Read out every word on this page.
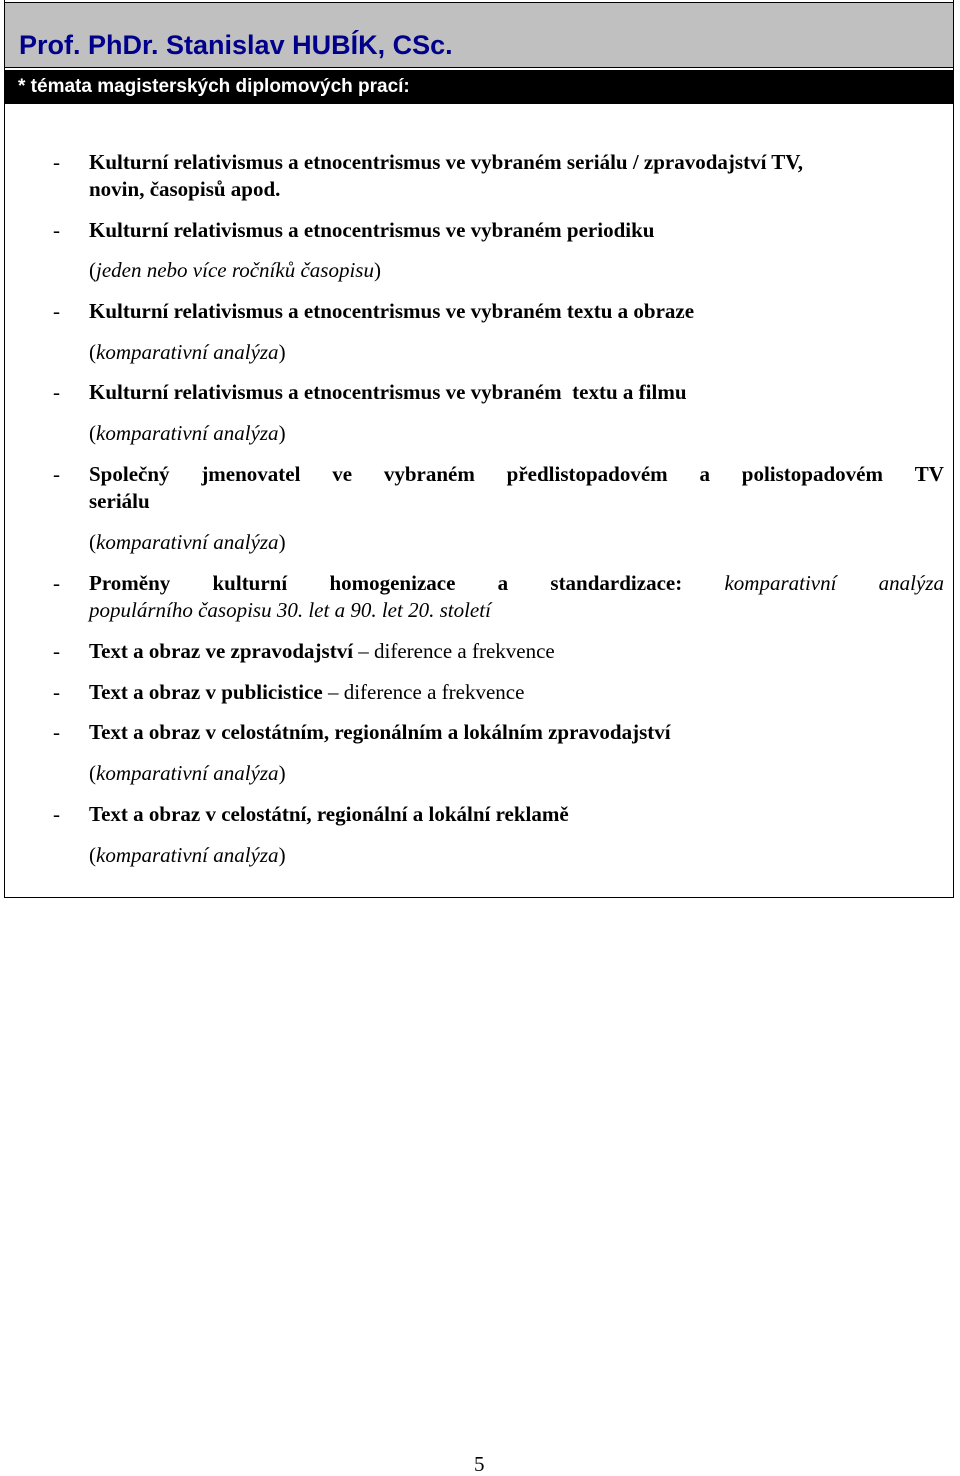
Prof. PhDr. Stanislav HUBÍK, CSc.
* témata magisterských diplomových prací:
- Kulturní relativismus a etnocentrismus ve vybraném seriálu / zpravodajství TV,
novin, časopisů apod.
- Kulturní relativismus a etnocentrismus ve vybraném periodiku
(jeden nebo více ročníků časopisu)
- Kulturní relativismus a etnocentrismus ve vybraném textu a obraze
(komparativní analýza)
- Kulturní relativismus a etnocentrismus ve vybraném  textu a filmu
(komparativní analýza)
- Společný jmenovatel ve vybraném předlistopadovém a polistopadovém TV
seriálu
(komparativní analýza)
- Proměny kulturní homogenizace a standardizace: komparativní analýza
populárního časopisu 30. let a 90. let 20. století
- Text a obraz ve zpravodajství – diference a frekvence
- Text a obraz v publicistice – diference a frekvence
- Text a obraz v celostátním, regionálním a lokálním zpravodajství
(komparativní analýza)
- Text a obraz v celostátní, regionální a lokální reklamě
(komparativní analýza)
5
